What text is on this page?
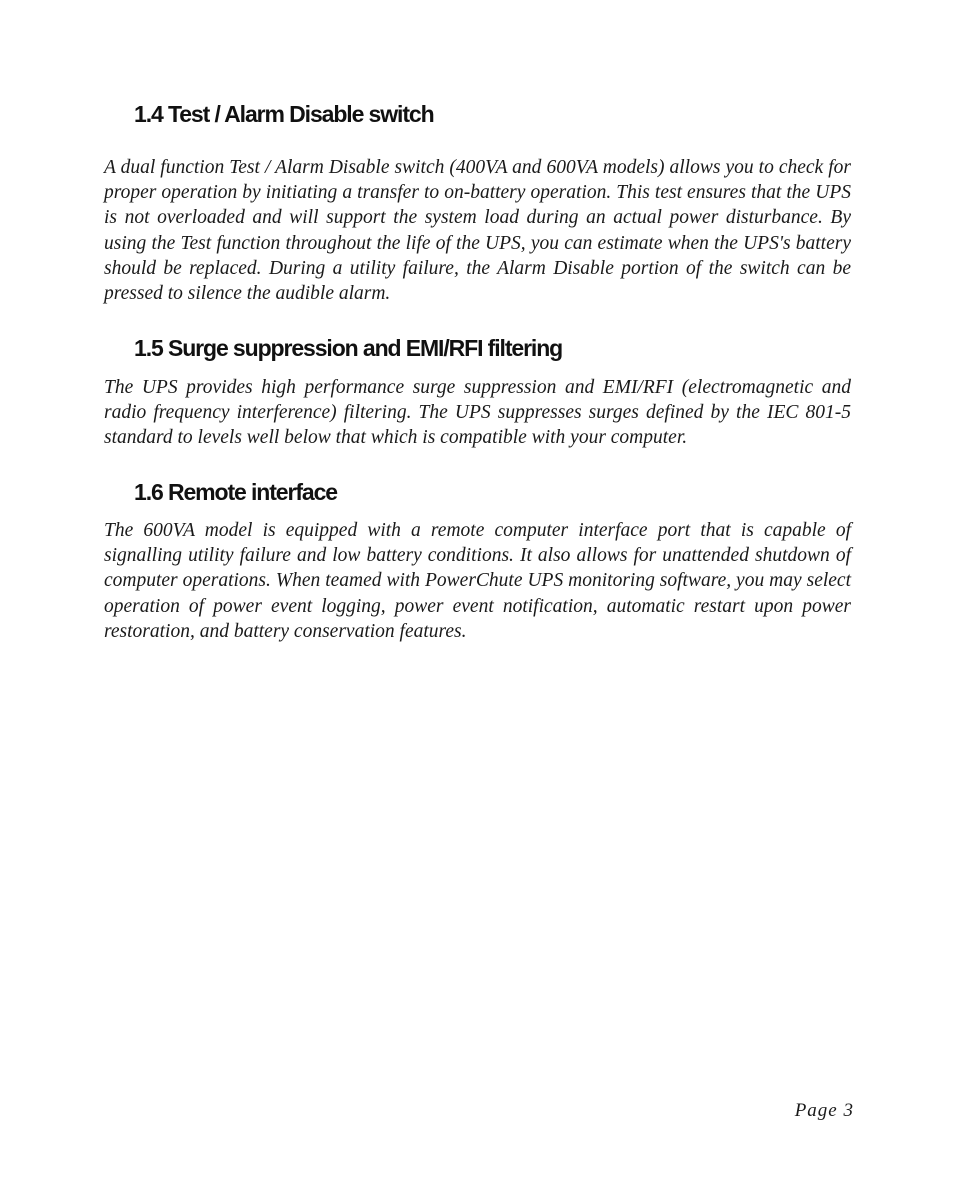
1.4 Test / Alarm Disable switch

A dual function Test / Alarm Disable switch (400VA and 600VA models) allows you to check for proper operation by initiating a transfer to on-battery operation. This test ensures that the UPS is not overloaded and will support the system load during an actual power disturbance. By using the Test function throughout the life of the UPS, you can estimate when the UPS's battery should be replaced. During a utility failure, the Alarm Disable portion of the switch can be pressed to silence the audible alarm.

1.5 Surge suppression and EMI/RFI filtering

The UPS provides high performance surge suppression and EMI/RFI (electromagnetic and radio frequency interference) filtering. The UPS suppresses surges defined by the IEC 801-5 standard to levels well below that which is compatible with your computer.

1.6 Remote interface

The 600VA model is equipped with a remote computer interface port that is capable of signalling utility failure and low battery conditions. It also allows for unattended shutdown of computer operations. When teamed with PowerChute UPS monitoring software, you may select operation of power event logging, power event notification, automatic restart upon power restoration, and battery conservation features.

Page 3
